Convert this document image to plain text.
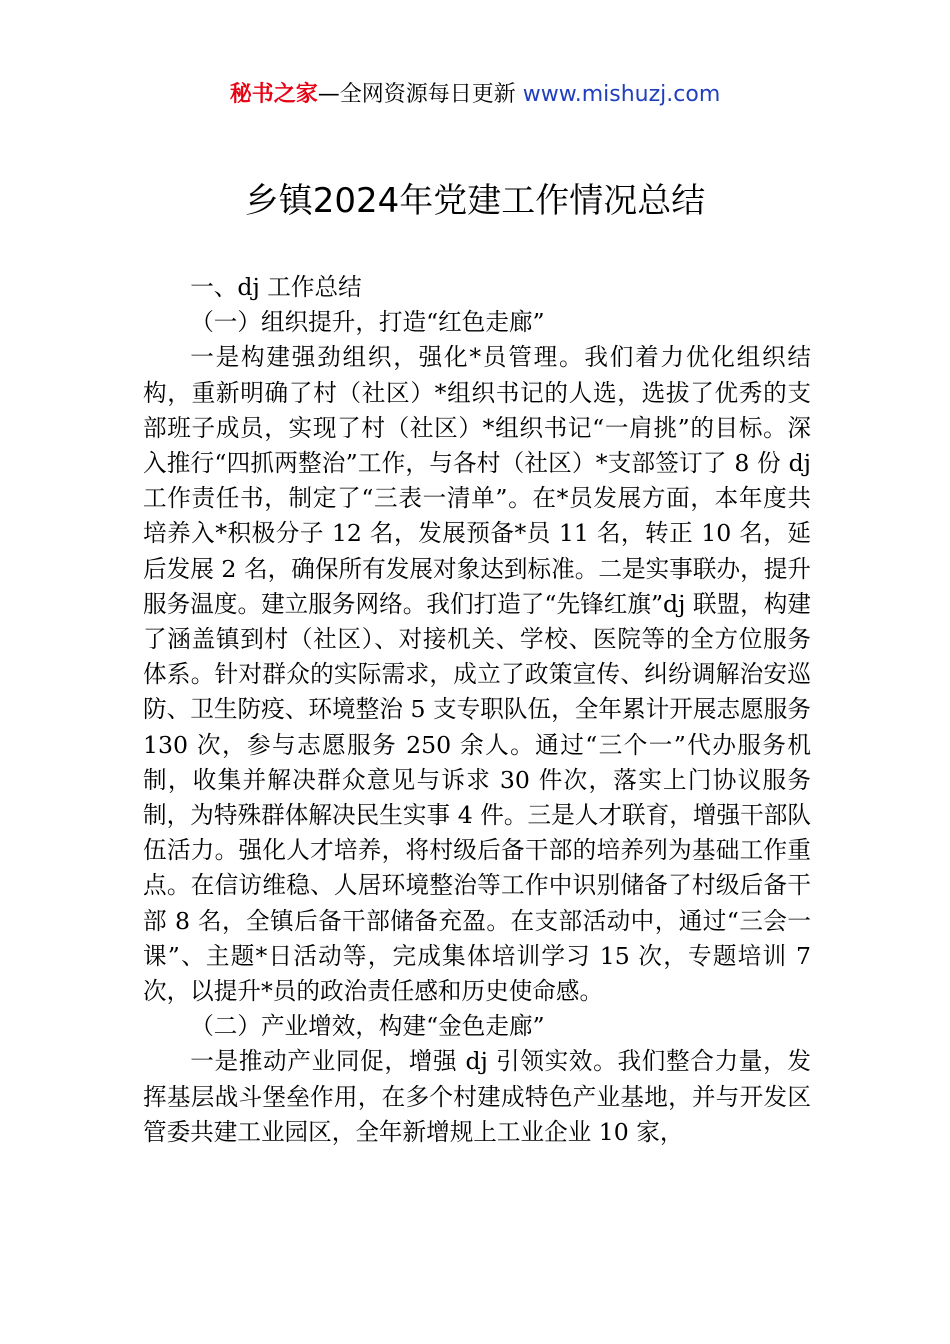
秘书之家—全网资源每日更新 www.mishuzj.com
乡镇2024年党建工作情况总结
一、dj 工作总结
（一）组织提升，打造“红色走廊”

一是构建强劲组织，强化*员管理。我们着力优化组织结构，重新明确了村（社区）*组织书记的人选，选拔了优秀的支部班子成员，实现了村（社区）*组织书记“一肩挑”的目标。深入推行“四抓两整治”工作，与各村（社区）*支部签订了 8 份 dj 工作责任书，制定了“三表一清单”。在*员发展方面，本年度共培养入*积极分子 12 名，发展预备*员 11 名，转正 10 名，延后发展 2 名，确保所有发展对象达到标准。二是实事联办，提升服务温度。建立服务网络。我们打造了“先锋红旗”dj 联盟，构建了涵盖镇到村（社区）、对接机关、学校、医院等的全方位服务体系。针对群众的实际需求，成立了政策宣传、纠纷调解治安巡防、卫生防疫、环境整治 5 支专职队伍，全年累计开展志愿服务 130 次，参与志愿服务 250 余人。通过“三个一”代办服务机制，收集并解决群众意见与诉求 30 件次，落实上门协议服务制，为特殊群体解决民生实事 4 件。三是人才联育，增强干部队伍活力。强化人才培养，将村级后备干部的培养列为基础工作重点。在信访维稳、人居环境整治等工作中识别储备了村级后备干部 8 名，全镇后备干部储备充盈。在支部活动中，通过“三会一课”、主题*日活动等，完成集体培训学习 15 次，专题培训 7 次，以提升*员的政治责任感和历史使命感。

（二）产业增效，构建“金色走廊”

一是推动产业同促，增强 dj 引领实效。我们整合力量，发挥基层战斗堡垒作用，在多个村建成特色产业基地，并与开发区管委共建工业园区，全年新增规上工业企业 10 家，
